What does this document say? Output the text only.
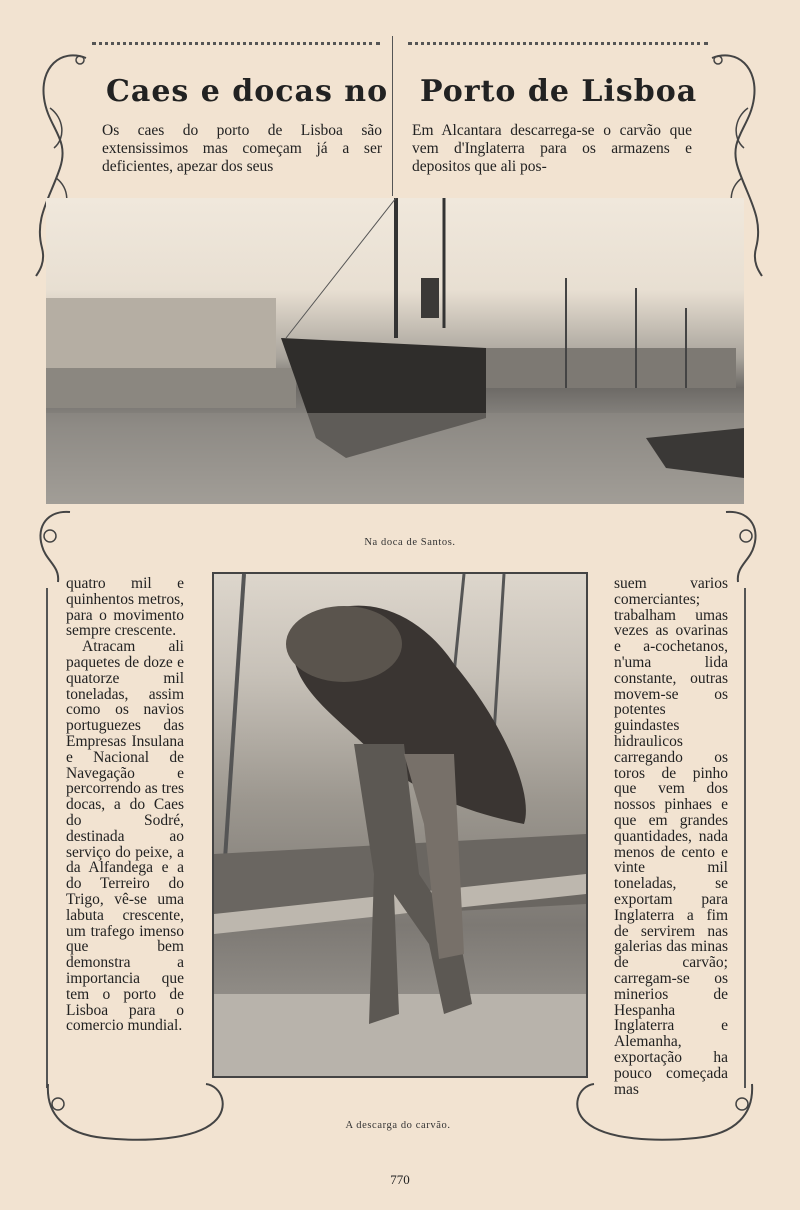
Caes e docas no Porto de Lisboa

Os caes do porto de Lisboa são extensissimos mas começam já a ser deficientes, apezar dos seus

Em Alcantara descarrega-se o carvão que vem d'Inglaterra para os armazens e depositos que ali pos-

Na doca de Santos.

quatro mil e quinhentos metros, para o movimento sempre crescente.

Atracam ali paquetes de doze e quatorze mil toneladas, assim como os navios portuguezes das Empresas Insulana e Nacional de Navegação e percorrendo as tres docas, a do Caes do Sodré, destinada ao serviço do peixe, a da Alfandega e a do Terreiro do Trigo, vê-se uma labuta crescente, um trafego imenso que bem demonstra a importancia que tem o porto de Lisboa para o comercio mundial.

A descarga do carvão.

suem varios comerciantes; trabalham umas vezes as ovarinas e a-cochetanos, n'uma lida constante, outras movem-se os potentes guindastes hidraulicos carregando os toros de pinho que vem dos nossos pinhaes e que em grandes quantidades, nada menos de cento e vinte mil toneladas, se exportam para Inglaterra a fim de servirem nas galerias das minas de carvão; carregam-se os minerios de Hespanha Inglaterra e Alemanha, exportação ha pouco começada mas

770
